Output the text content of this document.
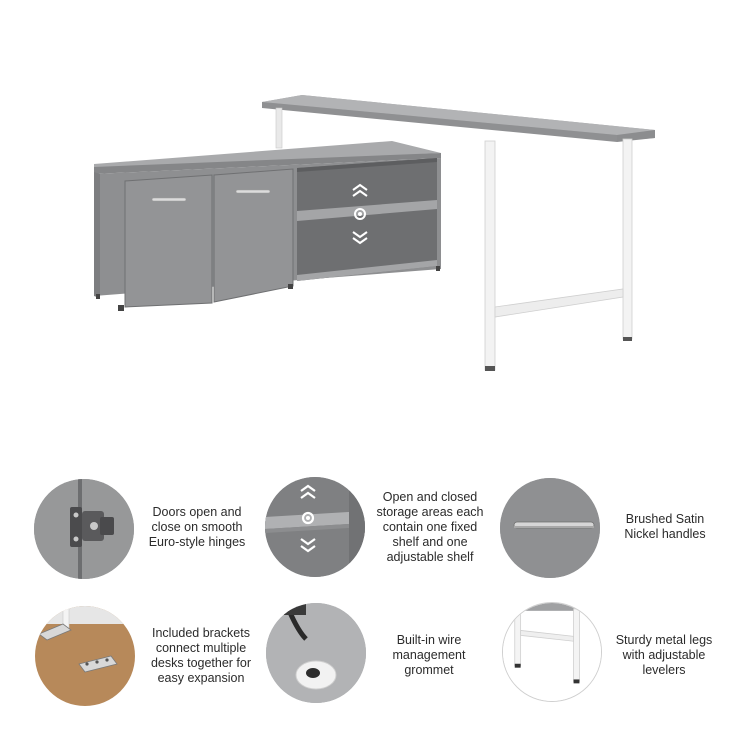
Doors open and close on smooth Euro-style hinges
Open and closed storage areas each contain one fixed shelf and one adjustable shelf
Brushed Satin Nickel handles
Included brackets connect multiple desks together for easy expansion
Built-in wire management grommet
Sturdy metal legs with adjustable levelers
